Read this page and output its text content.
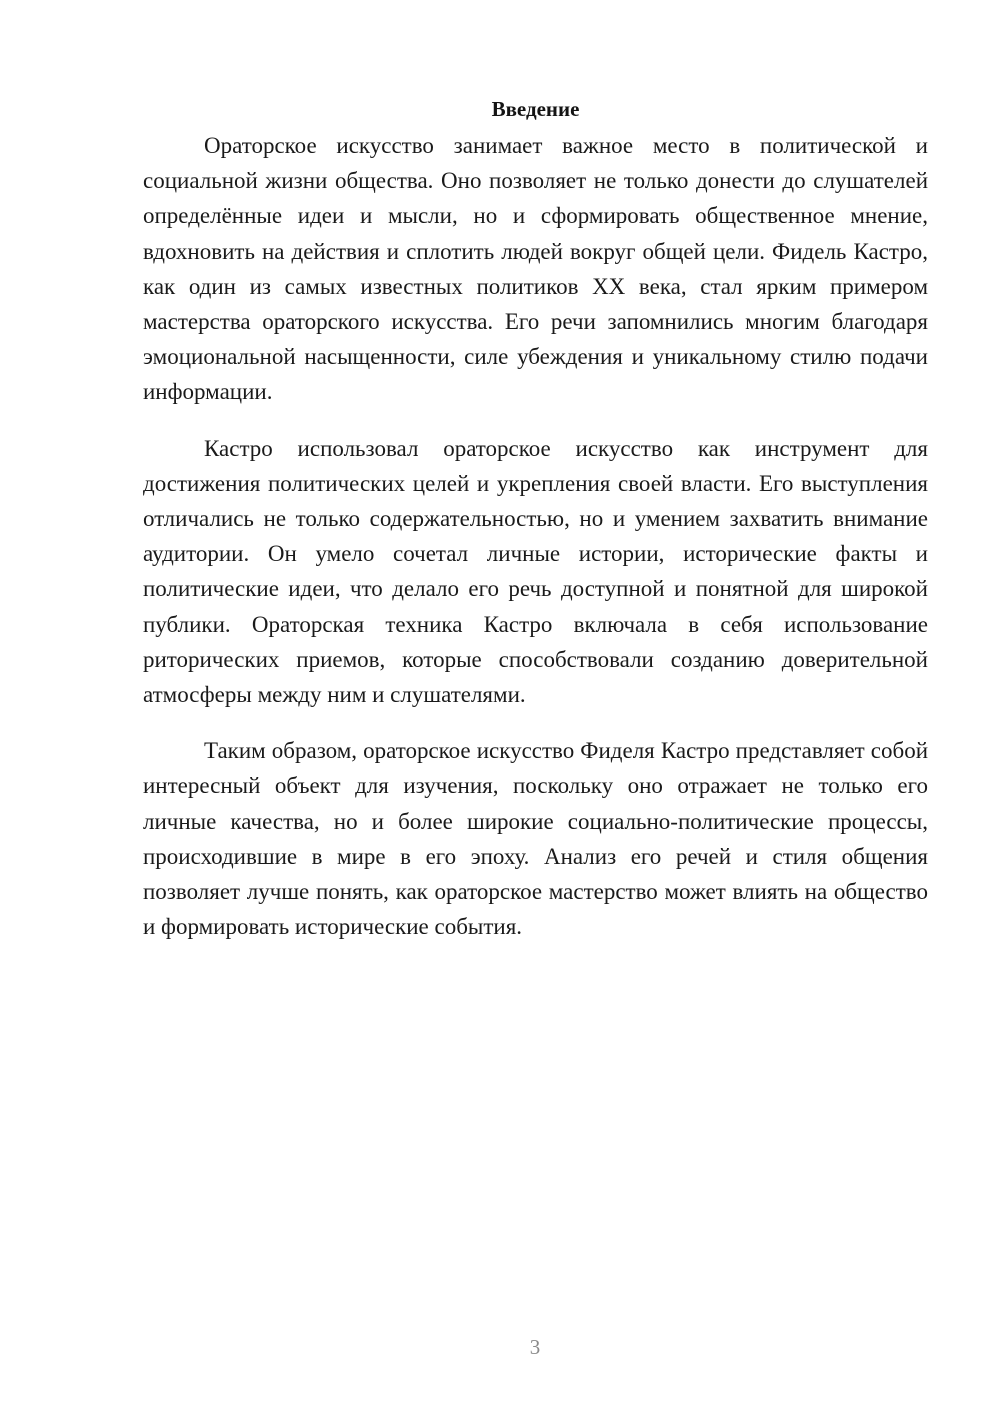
Введение

Ораторское искусство занимает важное место в политической и социальной жизни общества. Оно позволяет не только донести до слушателей определённые идеи и мысли, но и сформировать общественное мнение, вдохновить на действия и сплотить людей вокруг общей цели. Фидель Кастро, как один из самых известных политиков XX века, стал ярким примером мастерства ораторского искусства. Его речи запомнились многим благодаря эмоциональной насыщенности, силе убеждения и уникальному стилю подачи информации.

Кастро использовал ораторское искусство как инструмент для достижения политических целей и укрепления своей власти. Его выступления отличались не только содержательностью, но и умением захватить внимание аудитории. Он умело сочетал личные истории, исторические факты и политические идеи, что делало его речь доступной и понятной для широкой публики. Ораторская техника Кастро включала в себя использование риторических приемов, которые способствовали созданию доверительной атмосферы между ним и слушателями.

Таким образом, ораторское искусство Фиделя Кастро представляет собой интересный объект для изучения, поскольку оно отражает не только его личные качества, но и более широкие социально-политические процессы, происходившие в мире в его эпоху. Анализ его речей и стиля общения позволяет лучше понять, как ораторское мастерство может влиять на общество и формировать исторические события.

3
